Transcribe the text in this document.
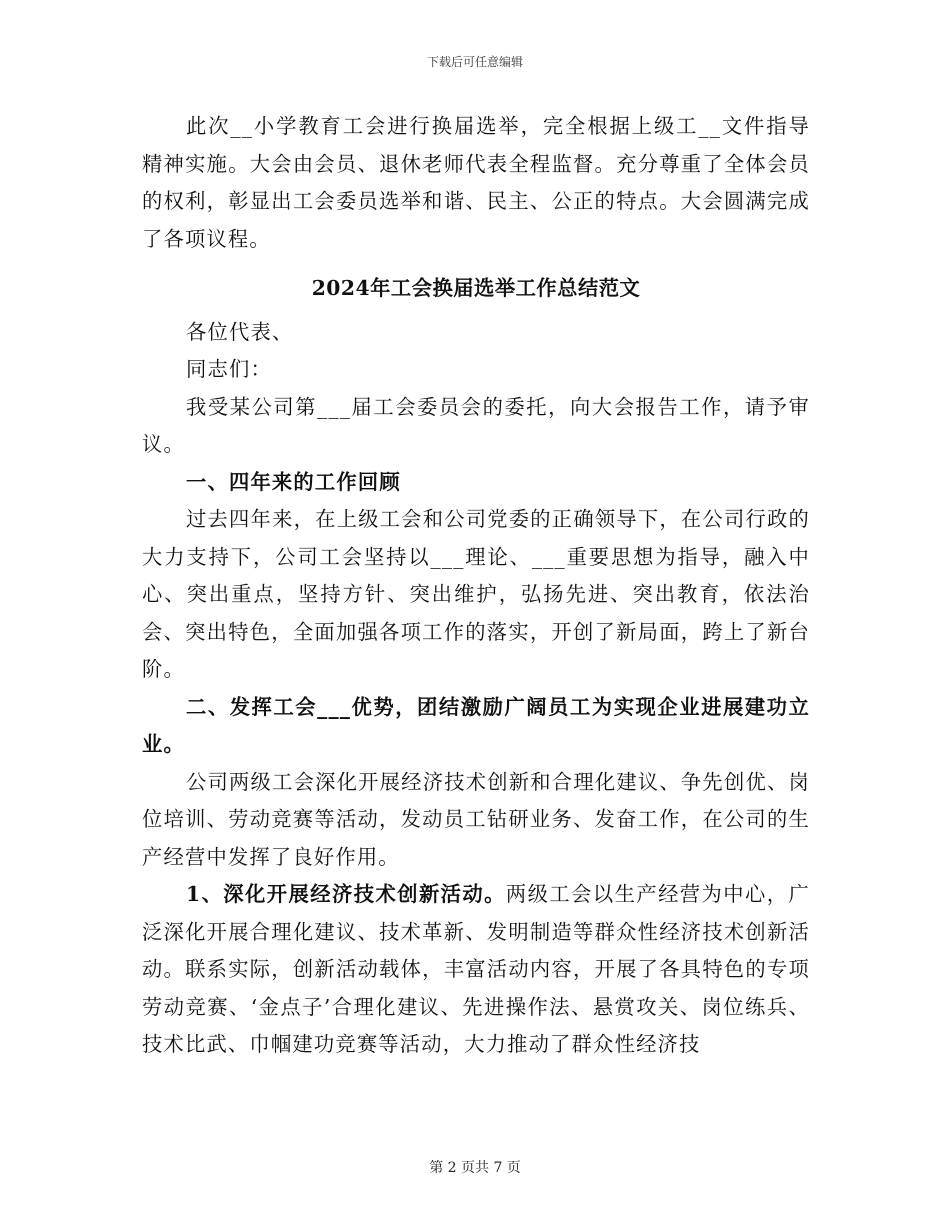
下载后可任意编辑

此次__小学教育工会进行换届选举，完全根据上级工__文件指导精神实施。大会由会员、退休老师代表全程监督。充分尊重了全体会员的权利，彰显出工会委员选举和谐、民主、公正的特点。大会圆满完成了各项议程。

2024年工会换届选举工作总结范文

各位代表、

同志们：

我受某公司第___届工会委员会的委托，向大会报告工作，请予审议。

一、四年来的工作回顾

过去四年来，在上级工会和公司党委的正确领导下，在公司行政的大力支持下，公司工会坚持以___理论、___重要思想为指导，融入中心、突出重点，坚持方针、突出维护，弘扬先进、突出教育，依法治会、突出特色，全面加强各项工作的落实，开创了新局面，跨上了新台阶。

二、发挥工会___优势，团结激励广阔员工为实现企业进展建功立业。

公司两级工会深化开展经济技术创新和合理化建议、争先创优、岗位培训、劳动竞赛等活动，发动员工钻研业务、发奋工作，在公司的生产经营中发挥了良好作用。

1、深化开展经济技术创新活动。两级工会以生产经营为中心，广泛深化开展合理化建议、技术革新、发明制造等群众性经济技术创新活动。联系实际，创新活动载体，丰富活动内容，开展了各具特色的专项劳动竞赛、‘金点子’合理化建议、先进操作法、悬赏攻关、岗位练兵、技术比武、巾帼建功竞赛等活动，大力推动了群众性经济技

第 2 页共 7 页
